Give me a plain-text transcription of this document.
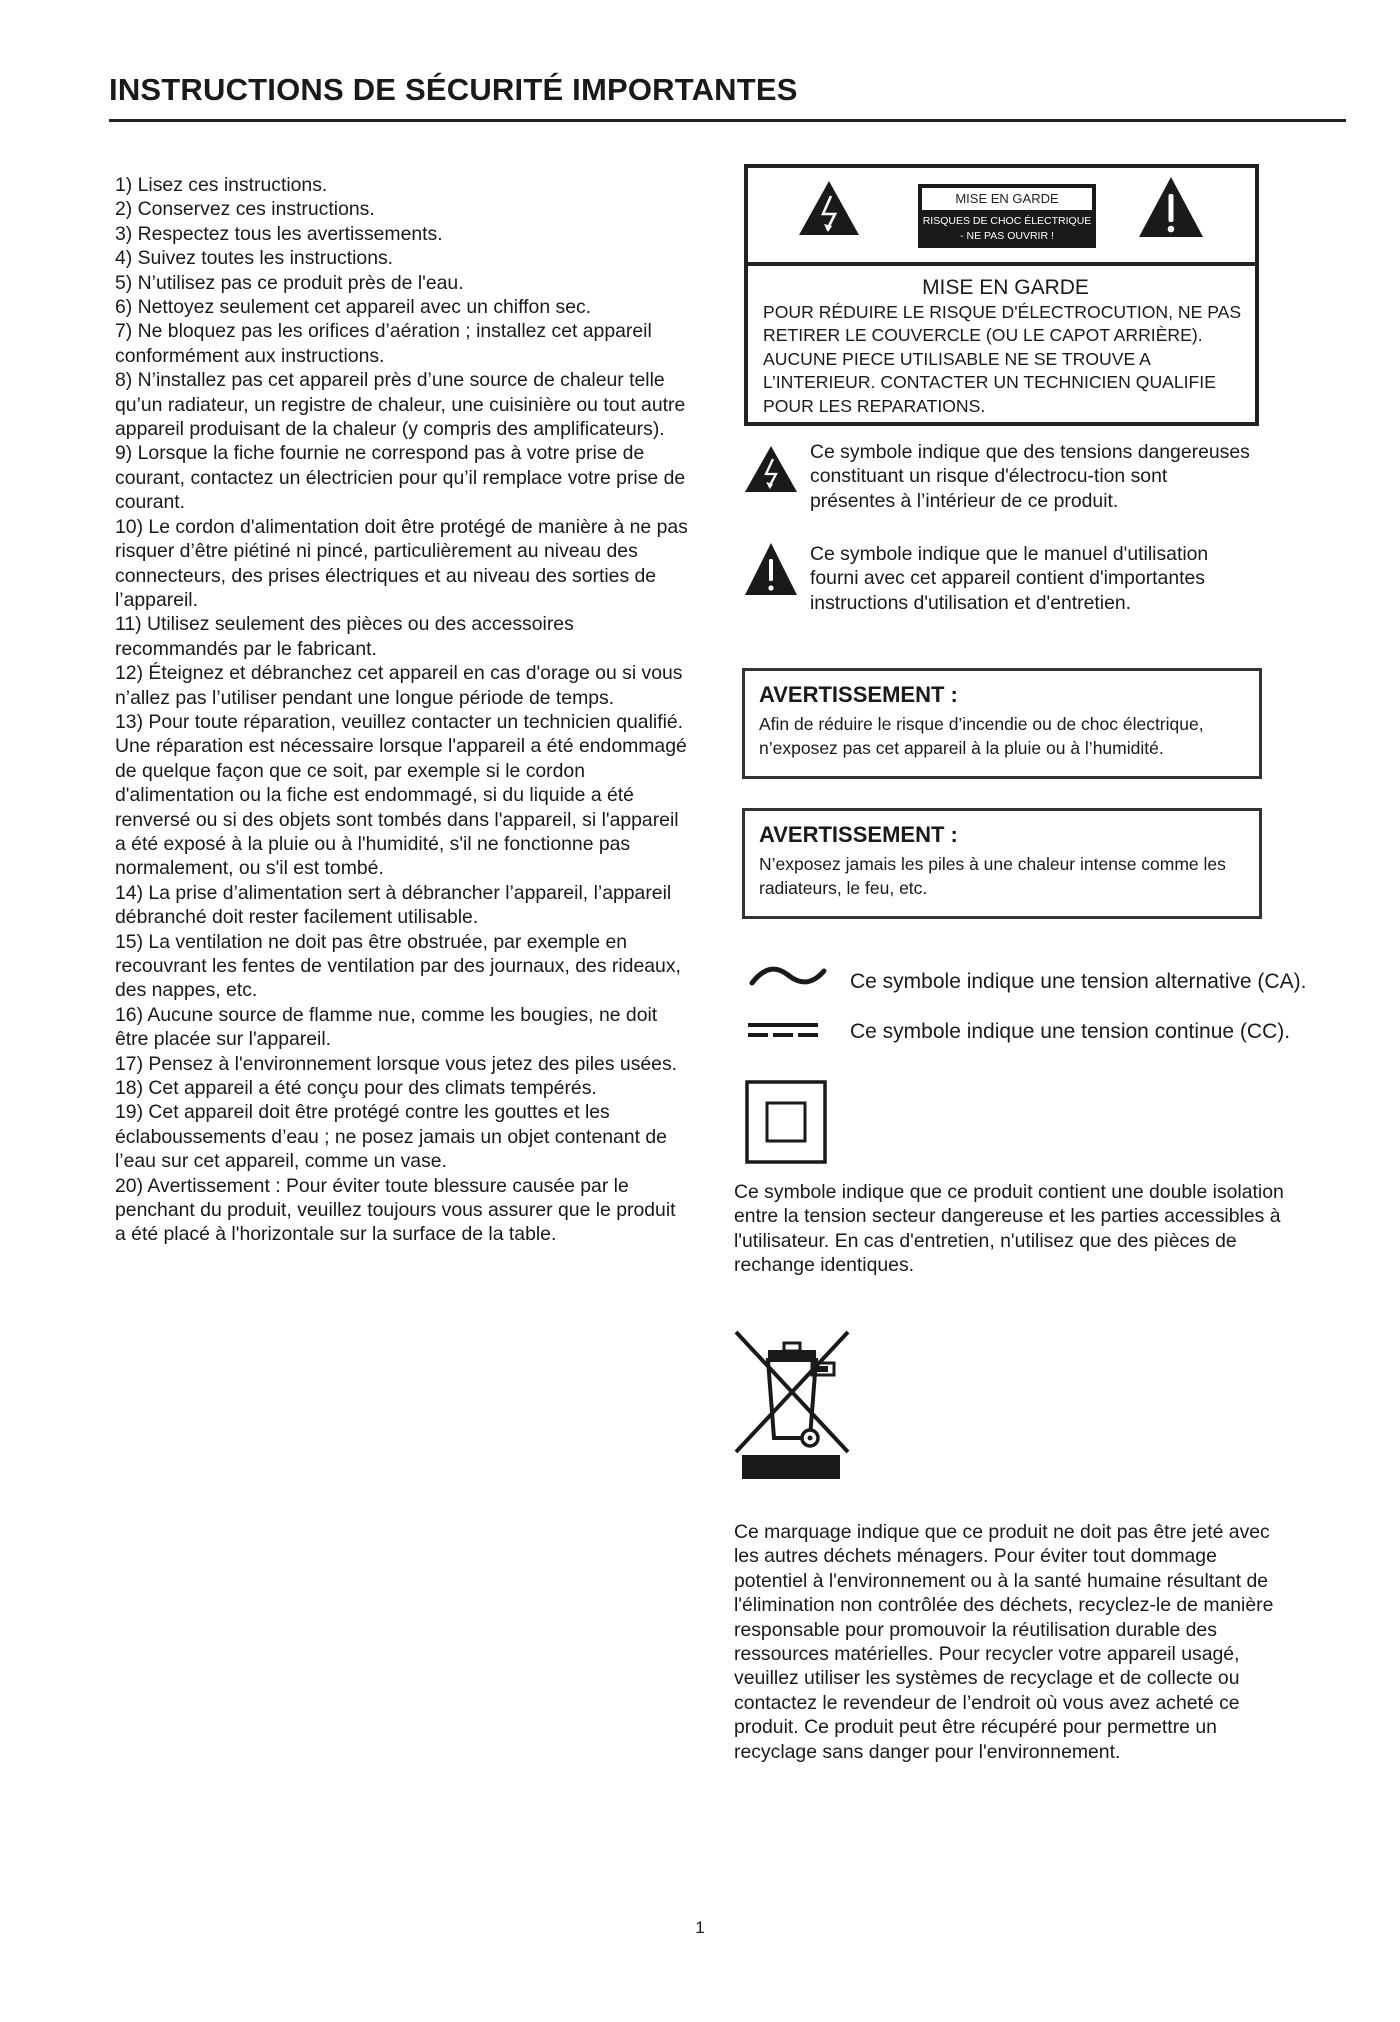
INSTRUCTIONS DE SÉCURITÉ IMPORTANTES
1) Lisez ces instructions.
2) Conservez ces instructions.
3) Respectez tous les avertissements.
4) Suivez toutes les instructions.
5) N’utilisez pas ce produit près de l'eau.
6) Nettoyez seulement cet appareil avec un chiffon sec.
7) Ne bloquez pas les orifices d’aération ; installez cet appareil conformément aux instructions.
8) N’installez pas cet appareil près d’une source de chaleur telle qu’un radiateur, un registre de chaleur, une cuisinière ou tout autre appareil produisant de la chaleur (y compris des amplificateurs).
9) Lorsque la fiche fournie ne correspond pas à votre prise de courant, contactez un électricien pour qu’il remplace votre prise de courant.
10) Le cordon d'alimentation doit être protégé de manière à ne pas risquer d’être piétiné ni pincé, particulièrement au niveau des connecteurs, des prises électriques et au niveau des sorties de l’appareil.
11) Utilisez seulement des pièces ou des accessoires recommandés par le fabricant.
12) Éteignez et débranchez cet appareil en cas d'orage ou si vous n’allez pas l’utiliser pendant une longue période de temps.
13) Pour toute réparation, veuillez contacter un technicien qualifié. Une réparation est nécessaire lorsque l'appareil a été endommagé de quelque façon que ce soit, par exemple si le cordon d'alimentation ou la fiche est endommagé, si du liquide a été renversé ou si des objets sont tombés dans l'appareil, si l'appareil a été exposé à la pluie ou à l'humidité, s'il ne fonctionne pas normalement, ou s'il est tombé.
14) La prise d’alimentation sert à débrancher l’appareil, l’appareil débranché doit rester facilement utilisable.
15) La ventilation ne doit pas être obstruée, par exemple en recouvrant les fentes de ventilation par des journaux, des rideaux, des nappes, etc.
16) Aucune source de flamme nue, comme les bougies, ne doit être placée sur l'appareil.
17) Pensez à l'environnement lorsque vous jetez des piles usées.
18) Cet appareil a été conçu pour des climats tempérés.
19) Cet appareil doit être protégé contre les gouttes et les éclaboussements d’eau ; ne posez jamais un objet contenant de l’eau sur cet appareil, comme un vase.
20) Avertissement : Pour éviter toute blessure causée par le penchant du produit, veuillez toujours vous assurer que le produit a été placé à l'horizontale sur la surface de la table.
MISE EN GARDE
RISQUES DE CHOC ÉLECTRIQUE - NE PAS OUVRIR !
MISE EN GARDE
POUR RÉDUIRE LE RISQUE D'ÉLECTROCUTION, NE PAS RETIRER LE COUVERCLE (OU LE CAPOT ARRIÈRE). AUCUNE PIECE UTILISABLE NE SE TROUVE A L’INTERIEUR. CONTACTER UN TECHNICIEN QUALIFIE POUR LES REPARATIONS.
Ce symbole indique que des tensions dangereuses constituant un risque d'électrocu-tion sont présentes à l’intérieur de ce produit.
Ce symbole indique que le manuel d'utilisation fourni avec cet appareil contient d'importantes instructions d'utilisation et d'entretien.
AVERTISSEMENT :
Afin de réduire le risque d’incendie ou de choc électrique, n’exposez pas cet appareil à la pluie ou à l’humidité.
AVERTISSEMENT :
N’exposez jamais les piles à une chaleur intense comme les radiateurs, le feu, etc.
Ce symbole indique une tension alternative (CA).
Ce symbole indique une tension continue (CC).
Ce symbole indique que ce produit contient une double isolation entre la tension secteur dangereuse et les parties accessibles à l'utilisateur. En cas d'entretien, n'utilisez que des pièces de rechange identiques.
Ce marquage indique que ce produit ne doit pas être jeté avec les autres déchets ménagers. Pour éviter tout dommage potentiel à l'environnement ou à la santé humaine résultant de l'élimination non contrôlée des déchets, recyclez-le de manière responsable pour promouvoir la réutilisation durable des ressources matérielles. Pour recycler votre appareil usagé, veuillez utiliser les systèmes de recyclage et de collecte ou contactez le revendeur de l’endroit où vous avez acheté ce produit. Ce produit peut être récupéré pour permettre un recyclage sans danger pour l'environnement.
1
